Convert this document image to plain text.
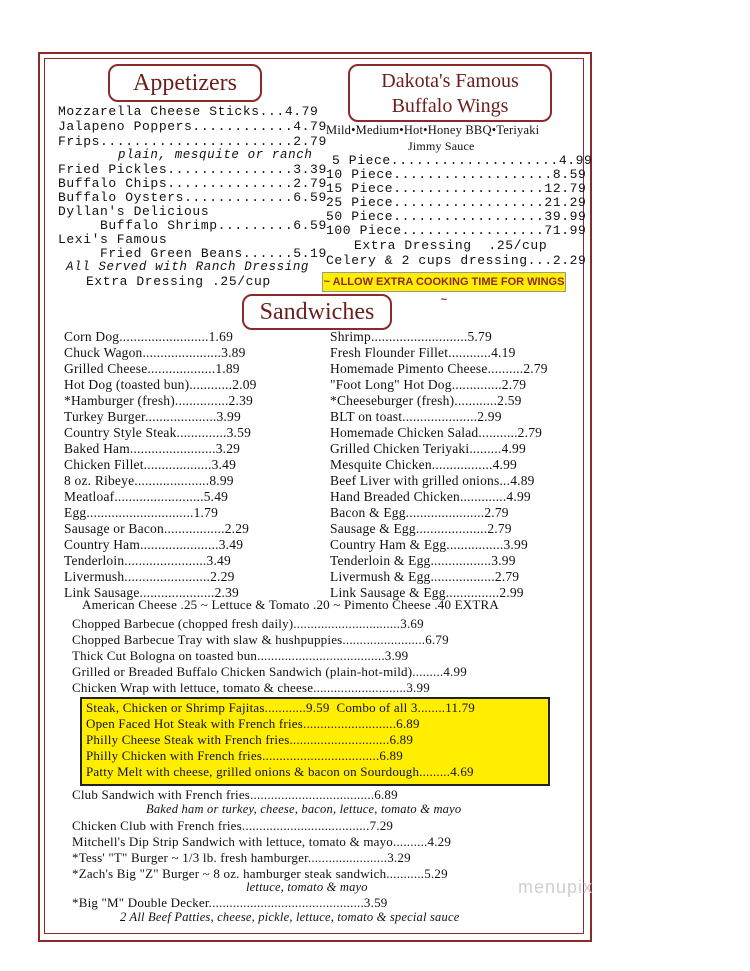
Appetizers
Mozzarella Cheese Sticks...4.79
Jalapeno Poppers............4.79
Frips.......................2.79
plain, mesquite or ranch
Fried Pickles...............3.39
Buffalo Chips...............2.79
Buffalo Oysters.............6.59
Dyllan's Delicious
Buffalo Shrimp.........6.59
Lexi's Famous
Fried Green Beans......5.19
All Served with Ranch Dressing
Extra Dressing .25/cup
Dakota's Famous
Buffalo Wings
Mild•Medium•Hot•Honey BBQ•Teriyaki
Jimmy Sauce
5 Piece....................4.99
10 Piece...................8.59
15 Piece..................12.79
25 Piece..................21.29
50 Piece..................39.99
100 Piece.................71.99
Extra Dressing  .25/cup
Celery & 2 cups dressing...2.29
~ ALLOW EXTRA COOKING TIME FOR WINGS ~
Sandwiches
Corn Dog.........................1.69
Chuck Wagon......................3.89
Grilled Cheese...................1.89
Hot Dog (toasted bun)............2.09
*Hamburger (fresh)...............2.39
Turkey Burger....................3.99
Country Style Steak..............3.59
Baked Ham........................3.29
Chicken Fillet...................3.49
8 oz. Ribeye.....................8.99
Meatloaf.........................5.49
Egg..............................1.79
Sausage or Bacon.................2.29
Country Ham......................3.49
Tenderloin.......................3.49
Livermush........................2.29
Link Sausage.....................2.39
Shrimp...........................5.79
Fresh Flounder Fillet............4.19
Homemade Pimento Cheese..........2.79
"Foot Long" Hot Dog..............2.79
*Cheeseburger (fresh)............2.59
BLT on toast.....................2.99
Homemade Chicken Salad...........2.79
Grilled Chicken Teriyaki.........4.99
Mesquite Chicken.................4.99
Beef Liver with grilled onions...4.89
Hand Breaded Chicken.............4.99
Bacon & Egg......................2.79
Sausage & Egg....................2.79
Country Ham & Egg................3.99
Tenderloin & Egg.................3.99
Livermush & Egg..................2.79
Link Sausage & Egg...............2.99
American Cheese .25 ~ Lettuce & Tomato .20 ~ Pimento Cheese .40 EXTRA
Chopped Barbecue (chopped fresh daily)...............................3.69
Chopped Barbecue Tray with slaw & hushpuppies........................6.79
Thick Cut Bologna on toasted bun.....................................3.99
Grilled or Breaded Buffalo Chicken Sandwich (plain-hot-mild).........4.99
Chicken Wrap with lettuce, tomato & cheese...........................3.99
Steak, Chicken or Shrimp Fajitas............9.59  Combo of all 3........11.79
Open Faced Hot Steak with French fries...........................6.89
Philly Cheese Steak with French fries.............................6.89
Philly Chicken with French fries..................................6.89
Patty Melt with cheese, grilled onions & bacon on Sourdough.........4.69
Club Sandwich with French fries....................................6.89
Baked ham or turkey, cheese, bacon, lettuce, tomato & mayo
Chicken Club with French fries.....................................7.29
Mitchell's Dip Strip Sandwich with lettuce, tomato & mayo..........4.29
*Tess' "T" Burger ~ 1/3 lb. fresh hamburger.......................3.29
*Zach's Big "Z" Burger ~ 8 oz. hamburger steak sandwich...........5.29
lettuce, tomato & mayo
*Big "M" Double Decker.............................................3.59
2 All Beef Patties, cheese, pickle, lettuce, tomato & special sauce
menupix
